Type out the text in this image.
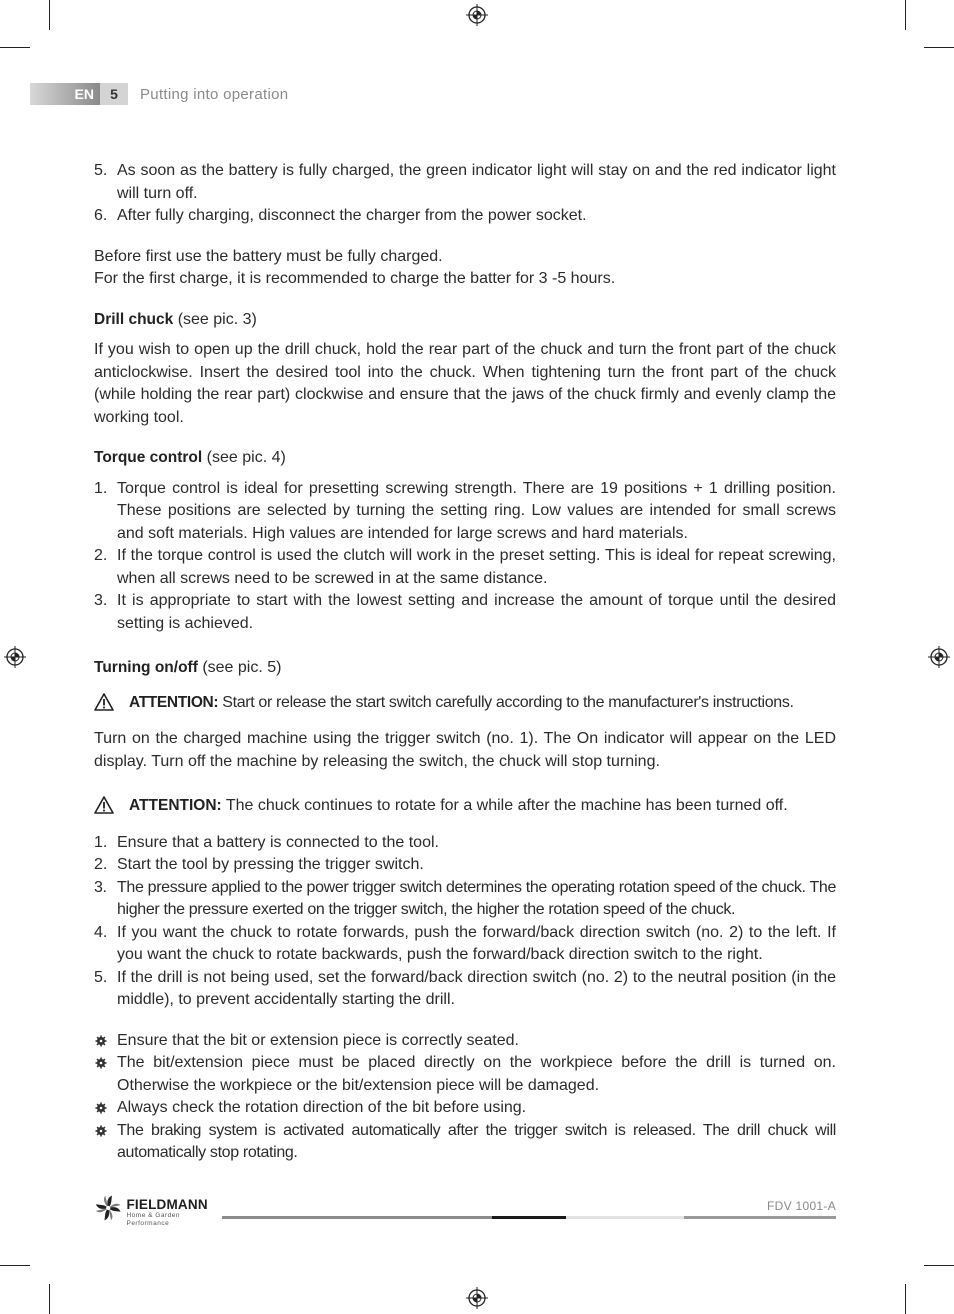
EN	5	Putting into operation
5. As soon as the battery is fully charged, the green indicator light will stay on and the red indicator light will turn off.
6. After fully charging, disconnect the charger from the power socket.

Before first use the battery must be fully charged.

For the first charge, it is recommended to charge the batter for 3 -5 hours.

Drill chuck (see pic. 3)

If you wish to open up the drill chuck, hold the rear part of the chuck and turn the front part of the chuck anticlockwise. Insert the desired tool into the chuck. When tightening turn the front part of the chuck (while holding the rear part) clockwise and ensure that the jaws of the chuck firmly and evenly clamp the working tool.

Torque control (see pic. 4)

1. Torque control is ideal for presetting screwing strength. There are 19 positions + 1 drilling position. These positions are selected by turning the setting ring. Low values are intended for small screws and soft materials. High values are intended for large screws and hard materials.
2. If the torque control is used the clutch will work in the preset setting. This is ideal for repeat screwing, when all screws need to be screwed in at the same distance.
3. It is appropriate to start with the lowest setting and increase the amount of torque until the desired setting is achieved.

Turning on/off (see pic. 5)

ATTENTION: Start or release the start switch carefully according to the manufacturer's instructions.

Turn on the charged machine using the trigger switch (no. 1). The On indicator will appear on the LED display. Turn off the machine by releasing the switch, the chuck will stop turning.

ATTENTION: The chuck continues to rotate for a while after the machine has been turned off.

1. Ensure that a battery is connected to the tool.
2. Start the tool by pressing the trigger switch.
3. The pressure applied to the power trigger switch determines the operating rotation speed of the chuck. The higher the pressure exerted on the trigger switch, the higher the rotation speed of the chuck.
4. If you want the chuck to rotate forwards, push the forward/back direction switch (no. 2) to the left. If you want the chuck to rotate backwards, push the forward/back direction switch to the right.
5. If the drill is not being used, set the forward/back direction switch (no. 2) to the neutral position (in the middle), to prevent accidentally starting the drill.
Ensure that the bit or extension piece is correctly seated.
The bit/extension piece must be placed directly on the workpiece before the drill is turned on. Otherwise the workpiece or the bit/extension piece will be damaged.
Always check the rotation direction of the bit before using.
The braking system is activated automatically after the trigger switch is released. The drill chuck will automatically stop rotating.
FIELDMANN
Home & Garden Performance
FDV 1001-A
